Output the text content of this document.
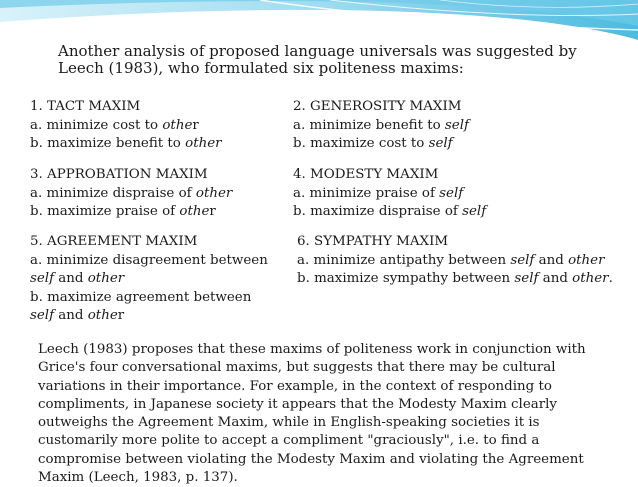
Another analysis of proposed language universals was suggested by Leech (1983), who formulated six politeness maxims:
1. TACT MAXIM
a. minimize cost to other
b. maximize benefit to other
2. GENEROSITY MAXIM
a. minimize benefit to self
b. maximize cost to self
3. APPROBATION MAXIM
a. minimize dispraise of other
b. maximize praise of other
4. MODESTY MAXIM
a. minimize praise of self
b. maximize dispraise of self
5. AGREEMENT MAXIM
a. minimize disagreement between
self and other
b. maximize agreement between
self and other
6. SYMPATHY MAXIM
a. minimize antipathy between self and other
b. maximize sympathy between self and other.

Leech (1983) proposes that these maxims of politeness work in conjunction with Grice's four conversational maxims, but suggests that there may be cultural variations in their importance. For example, in the context of responding to compliments, in Japanese society it appears that the Modesty Maxim clearly outweighs the Agreement Maxim, while in English-speaking societies it is customarily more polite to accept a compliment "graciously", i.e. to find a compromise between violating the Modesty Maxim and violating the Agreement Maxim (Leech, 1983, p. 137).
